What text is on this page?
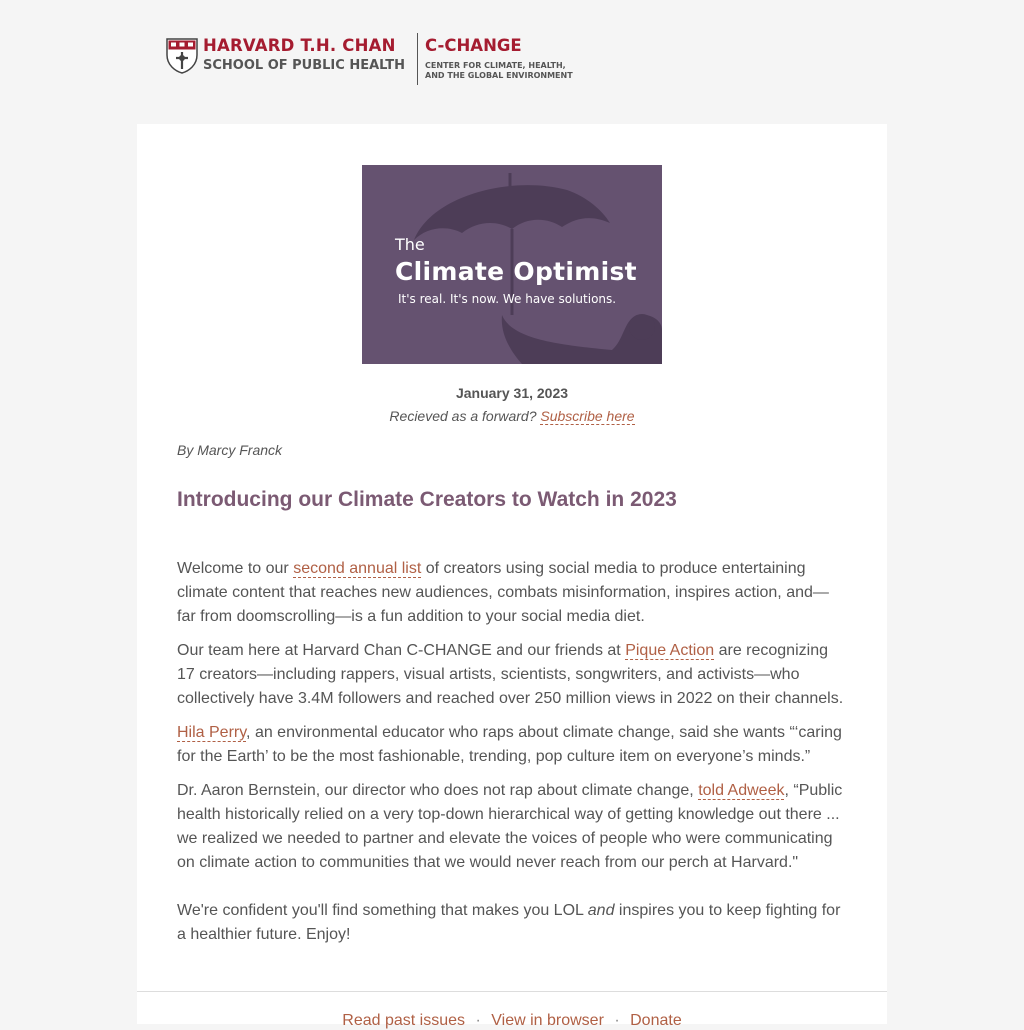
HARVARD T.H. CHAN
SCHOOL OF PUBLIC HEALTH
C-CHANGE
CENTER FOR CLIMATE, HEALTH,
AND THE GLOBAL ENVIRONMENT
The
Climate Optimist
It's real. It's now. We have solutions.
January 31, 2023
Recieved as a forward? Subscribe here
By Marcy Franck
Introducing our Climate Creators to Watch in 2023

Welcome to our second annual list of creators using social media to produce entertaining climate content that reaches new audiences, combats misinformation, inspires action, and—far from doomscrolling—is a fun addition to your social media diet.

Our team here at Harvard Chan C-CHANGE and our friends at Pique Action are recognizing 17 creators—including rappers, visual artists, scientists, songwriters, and activists—who collectively have 3.4M followers and reached over 250 million views in 2022 on their channels.

Hila Perry, an environmental educator who raps about climate change, said she wants “‘caring for the Earth’ to be the most fashionable, trending, pop culture item on everyone’s minds.”

Dr. Aaron Bernstein, our director who does not rap about climate change, told Adweek, “Public health historically relied on a very top-down hierarchical way of getting knowledge out there ... we realized we needed to partner and elevate the voices of people who were communicating on climate action to communities that we would never reach from our perch at Harvard."

We're confident you'll find something that makes you LOL and inspires you to keep fighting for a healthier future. Enjoy!

Read past issues · View in browser · Donate
